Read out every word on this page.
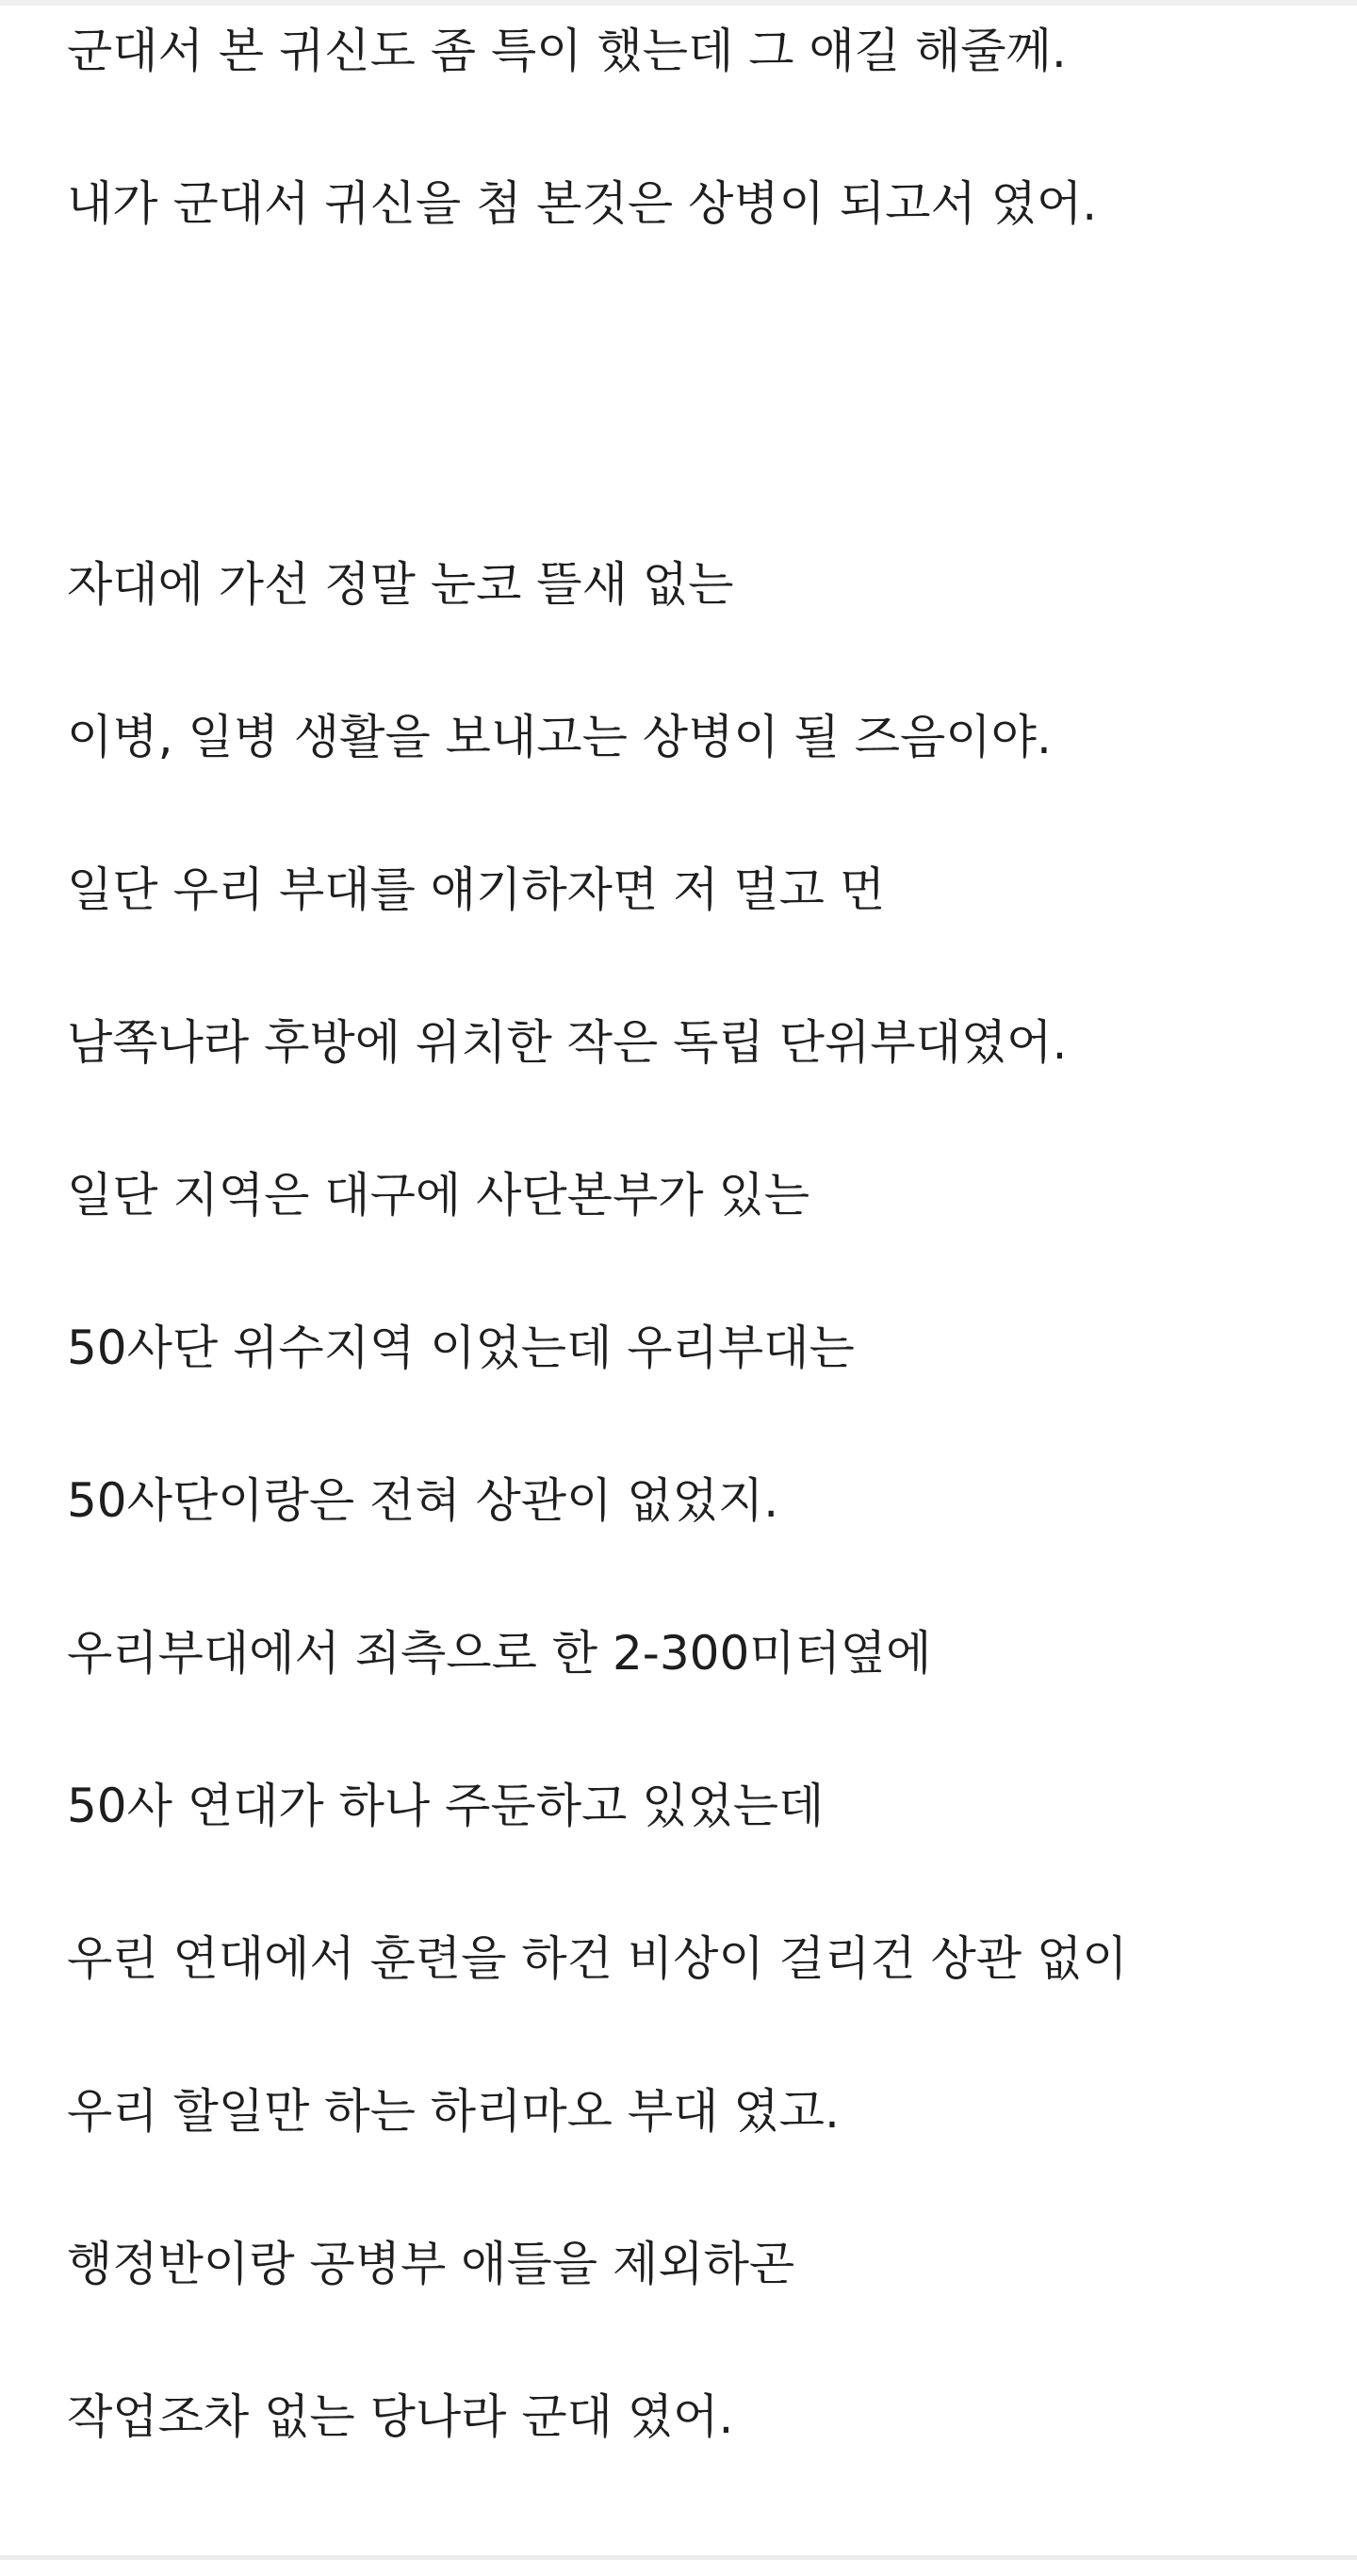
군대서 본 귀신도 좀 특이 했는데 그 얘길 해줄께.
내가 군대서 귀신을 첨 본것은 상병이 되고서 였어.
자대에 가선 정말 눈코 뜰새 없는
이병, 일병 생활을 보내고는 상병이 될 즈음이야.
일단 우리 부대를 얘기하자면 저 멀고 먼
남쪽나라 후방에 위치한 작은 독립 단위부대였어.
일단 지역은 대구에 사단본부가 있는
50사단 위수지역 이었는데 우리부대는
50사단이랑은 전혀 상관이 없었지.
우리부대에서 죄측으로 한 2-300미터옆에
50사 연대가 하나 주둔하고 있었는데
우린 연대에서 훈련을 하건 비상이 걸리건 상관 없이
우리 할일만 하는 하리마오 부대 였고.
행정반이랑 공병부 애들을 제외하곤
작업조차 없는 당나라 군대 였어.
